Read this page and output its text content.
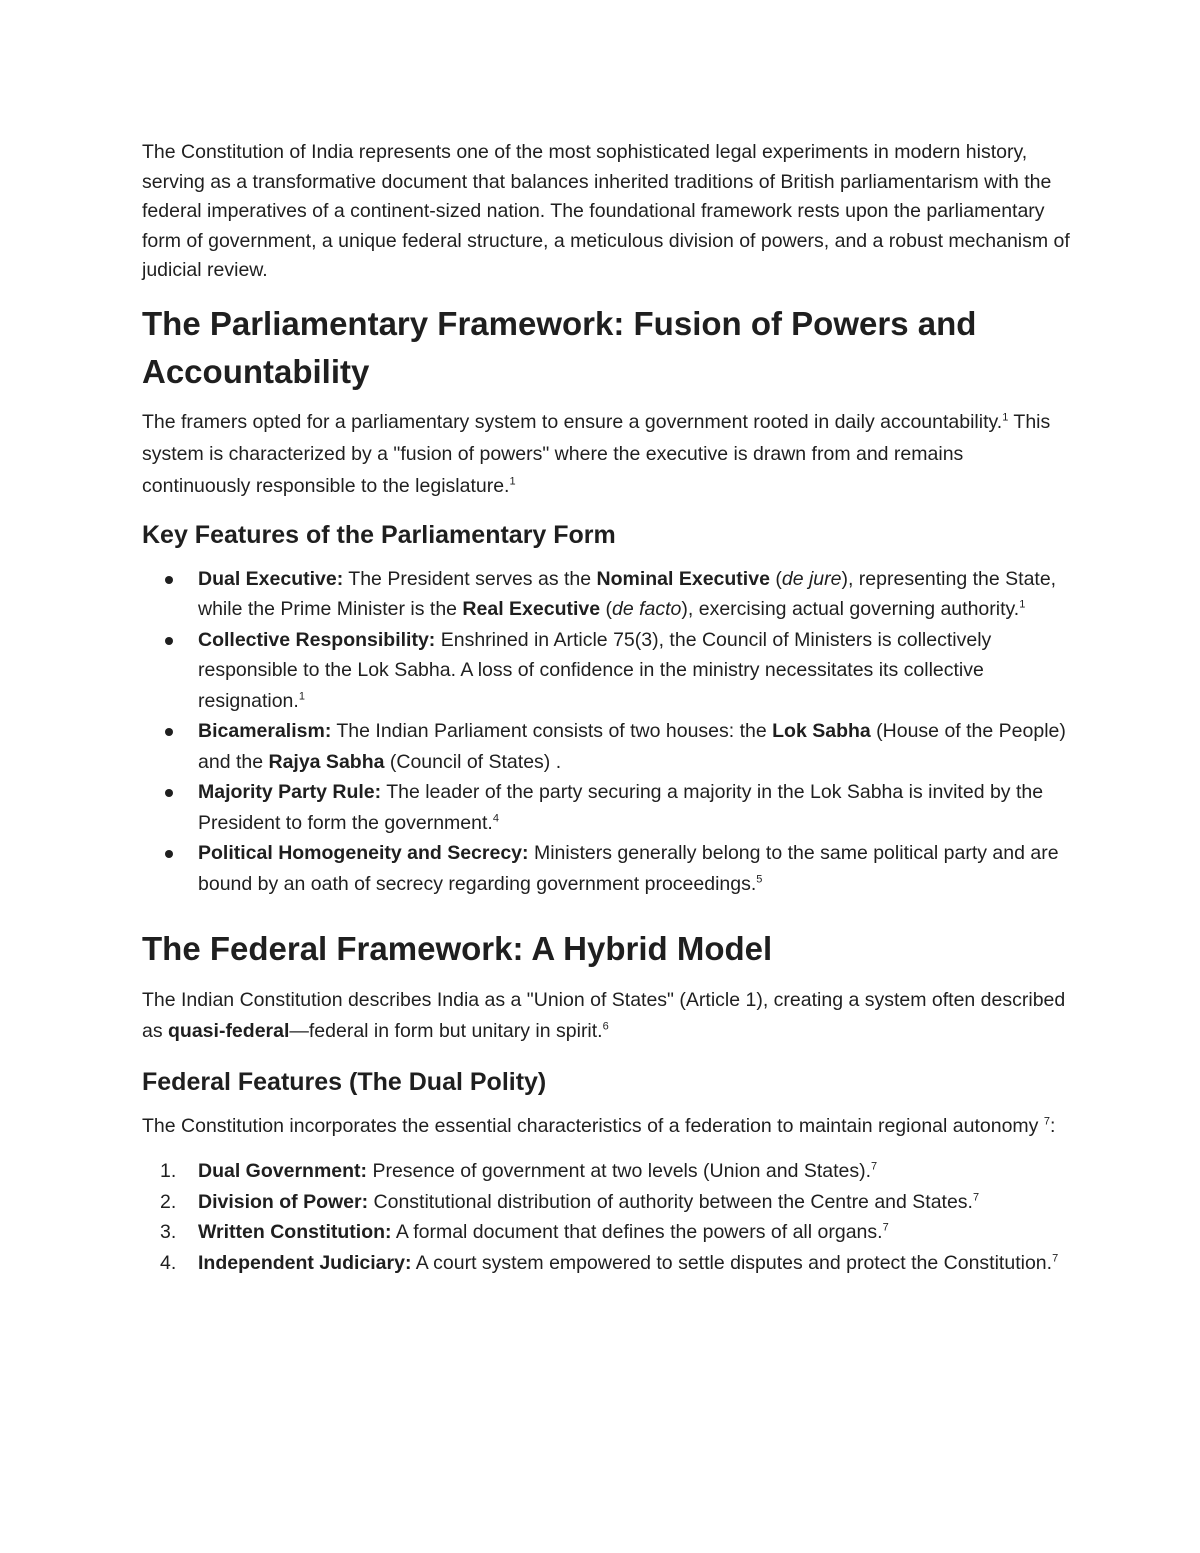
The Constitution of India represents one of the most sophisticated legal experiments in modern history, serving as a transformative document that balances inherited traditions of British parliamentarism with the federal imperatives of a continent-sized nation. The foundational framework rests upon the parliamentary form of government, a unique federal structure, a meticulous division of powers, and a robust mechanism of judicial review.

The Parliamentary Framework: Fusion of Powers and Accountability

The framers opted for a parliamentary system to ensure a government rooted in daily accountability.$^1$ This system is characterized by a "fusion of powers" where the executive is drawn from and remains continuously responsible to the legislature.$^1$

Key Features of the Parliamentary Form
Dual Executive: The President serves as the Nominal Executive (de jure), representing the State, while the Prime Minister is the Real Executive (de facto), exercising actual governing authority.$^1$
Collective Responsibility: Enshrined in Article 75(3), the Council of Ministers is collectively responsible to the Lok Sabha. A loss of confidence in the ministry necessitates its collective resignation.$^1$
Bicameralism: The Indian Parliament consists of two houses: the Lok Sabha (House of the People) and the Rajya Sabha (Council of States) .
Majority Party Rule: The leader of the party securing a majority in the Lok Sabha is invited by the President to form the government.$^4$
Political Homogeneity and Secrecy: Ministers generally belong to the same political party and are bound by an oath of secrecy regarding government proceedings.$^5$
The Federal Framework: A Hybrid Model

The Indian Constitution describes India as a "Union of States" (Article 1), creating a system often described as quasi-federal—federal in form but unitary in spirit.$^6$

Federal Features (The Dual Polity)

The Constitution incorporates the essential characteristics of a federation to maintain regional autonomy $^7$:

1. Dual Government: Presence of government at two levels (Union and States).$^7$
2. Division of Power: Constitutional distribution of authority between the Centre and States.$^7$
3. Written Constitution: A formal document that defines the powers of all organs.$^7$
4. Independent Judiciary: A court system empowered to settle disputes and protect the Constitution.$^7$
